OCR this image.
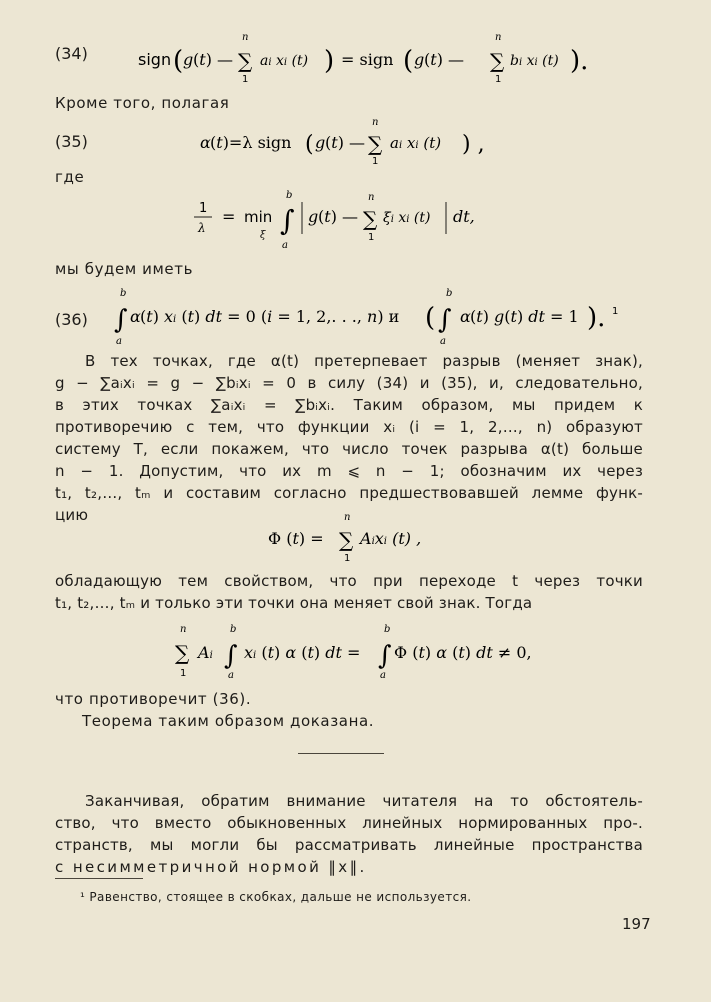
(34)	sign ( g (t) —
n
∑
1
ai xi (t) ) = sign ( g (t) —
n
∑
1
bi xi (t) ).
Кроме того, полагая
(35)	α (t)=λ sign ( g (t) —
n
∑
1
ai xi (t) ) ,
где
1
λ
= min
ξ
b
∫
a
g (t) —
n
∑
1
ξi xi (t) dt,
мы будем иметь
(36)
b
∫
a
α (t) xi (t) dt = 0 (i = 1, 2,. . ., n) и (
b
∫
a
α (t) g(t) dt = 1 ). 1
В тех точках, где α(t) претерпевает разрыв (меняет знак),
g − ∑aᵢxᵢ = g − ∑bᵢxᵢ = 0 в силу (34) и (35), и, следовательно,
в этих точках ∑aᵢxᵢ = ∑bᵢxᵢ. Таким образом, мы придем к
противоречию с тем, что функции xᵢ (i = 1, 2,…, n) образуют
систему T, если покажем, что число точек разрыва α(t) больше
n − 1. Допустим, что их m ⩽ n − 1; обозначим их через
t₁, t₂,…, tₘ и составим согласно предшествовавшей лемме функ-
цию
Φ (t) =
n
∑
1
Aixi (t) ,
обладающую тем свойством, что при переходе t через точки
t₁, t₂,…, tₘ и только эти точки она меняет свой знак. Тогда
n
∑
1
Ai
b
∫
a
xi (t) α (t) dt =
b
∫
a
Φ (t) α (t) dt ≠ 0,
что противоречит (36).
Теорема таким образом доказана.
Заканчивая, обратим внимание читателя на то обстоятель-
ство, что вместо обыкновенных линейных нормированных про-.
странств, мы могли бы рассматривать линейные пространства
с несимметричной нормой ‖x‖.
¹ Равенство, стоящее в скобках, дальше не используется.
197
